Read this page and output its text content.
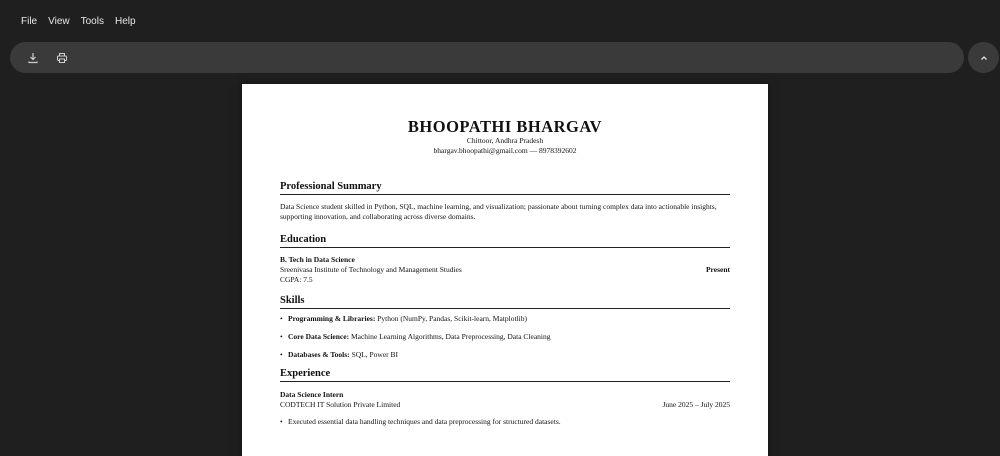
File View Tools Help
BHOOPATHI BHARGAV
Chittoor, Andhra Pradesh
bhargav.bhoopathi@gmail.com — 8978392602
Professional Summary
Data Science student skilled in Python, SQL, machine learning, and visualization; passionate about turning complex data into actionable insights, supporting innovation, and collaborating across diverse domains.
Education
B. Tech in Data Science
Sreenivasa Institute of Technology and Management Studies	Present
CGPA: 7.5
Skills
• Programming & Libraries: Python (NumPy, Pandas, Scikit-learn, Matplotlib)
• Core Data Science: Machine Learning Algorithms, Data Preprocessing, Data Cleaning
• Databases & Tools: SQL, Power BI
Experience
Data Science Intern
CODTECH IT Solution Private Limited	June 2025 – July 2025
• Executed essential data handling techniques and data preprocessing for structured datasets.
